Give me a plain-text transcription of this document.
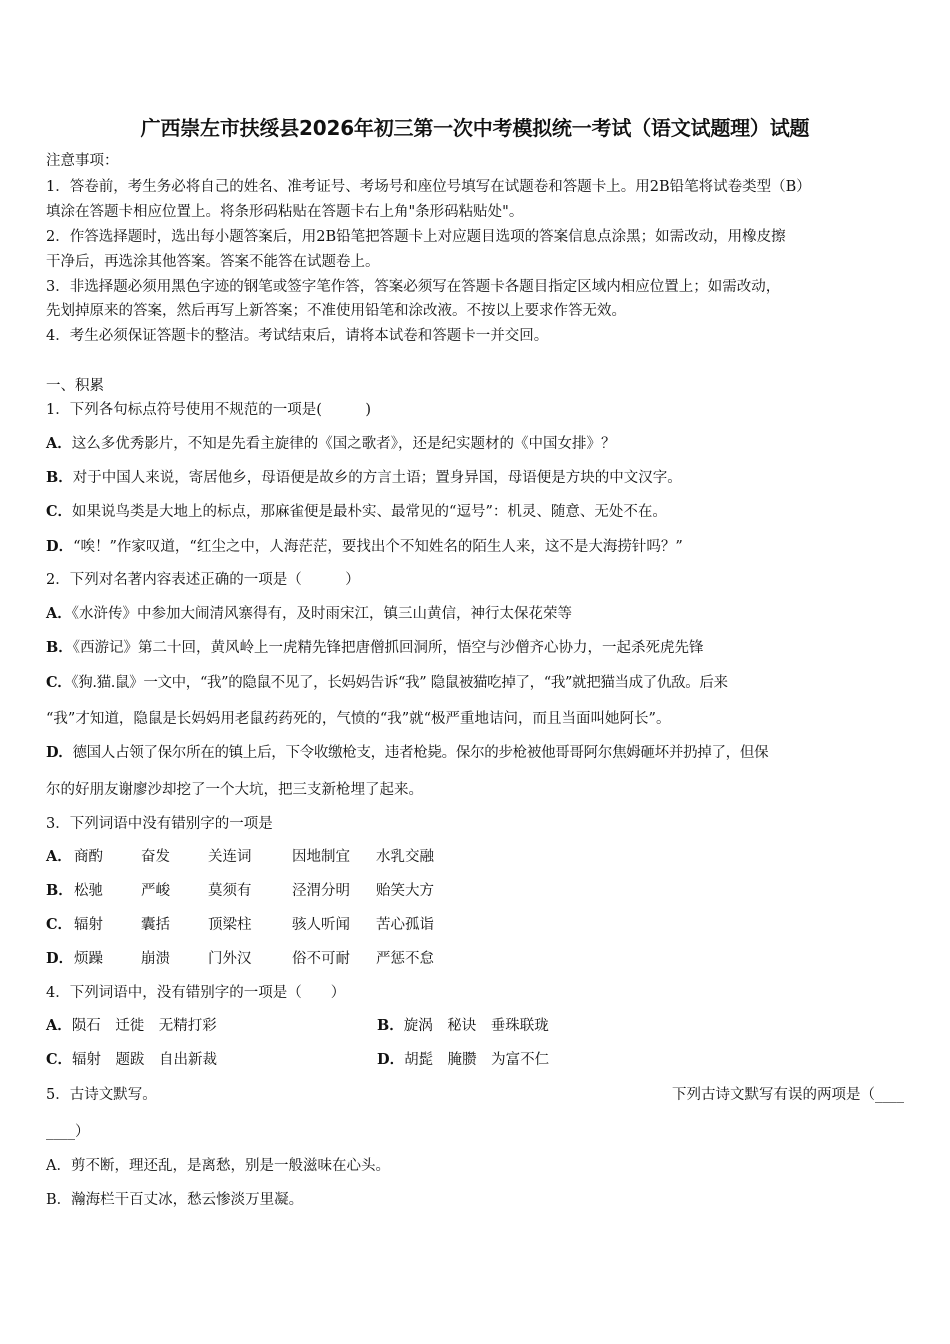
广西崇左市扶绥县2026年初三第一次中考模拟统一考试（语文试题理）试题
注意事项：
1．答卷前，考生务必将自己的姓名、准考证号、考场号和座位号填写在试题卷和答题卡上。用2B铅笔将试卷类型（B）
填涂在答题卡相应位置上。将条形码粘贴在答题卡右上角"条形码粘贴处"。
2．作答选择题时，选出每小题答案后，用2B铅笔把答题卡上对应题目选项的答案信息点涂黑；如需改动，用橡皮擦
干净后，再选涂其他答案。答案不能答在试题卷上。
3．非选择题必须用黑色字迹的钢笔或签字笔作答，答案必须写在答题卡各题目指定区域内相应位置上；如需改动，
先划掉原来的答案，然后再写上新答案；不准使用铅笔和涂改液。不按以上要求作答无效。
4．考生必须保证答题卡的整洁。考试结束后，请将本试卷和答题卡一并交回。
一、积累
1．下列各句标点符号使用不规范的一项是(　　　)
A．这么多优秀影片，不知是先看主旋律的《国之歌者》，还是纪实题材的《中国女排》？
B．对于中国人来说，寄居他乡，母语便是故乡的方言土语；置身异国，母语便是方块的中文汉字。
C．如果说鸟类是大地上的标点，那麻雀便是最朴实、最常见的“逗号”：机灵、随意、无处不在。
D．“唉！”作家叹道，“红尘之中，人海茫茫，要找出个不知姓名的陌生人来，这不是大海捞针吗？”
2．下列对名著内容表述正确的一项是（　　　）
A．《水浒传》中参加大闹清风寨得有，及时雨宋江，镇三山黄信，神行太保花荣等
B．《西游记》第二十回，黄风岭上一虎精先锋把唐僧抓回洞所，悟空与沙僧齐心协力，一起杀死虎先锋
C．《狗.猫.鼠》一文中，“我”的隐鼠不见了，长妈妈告诉“我” 隐鼠被猫吃掉了，“我”就把猫当成了仇敌。后来
“我”才知道，隐鼠是长妈妈用老鼠药药死的，气愤的“我”就“极严重地诘问，而且当面叫她阿长”。
D．德国人占领了保尔所在的镇上后，下令收缴枪支，违者枪毙。保尔的步枪被他哥哥阿尔焦姆砸坏并扔掉了，但保
尔的好朋友谢廖沙却挖了一个大坑，把三支新枪埋了起来。
3．下列词语中没有错别字的一项是
A． 商酌	奋发	关连词	因地制宜 水乳交融
B．松驰	严峻	莫须有	泾渭分明 贻笑大方
C． 辐射	囊括	顶梁柱	骇人听闻 苦心孤诣
D．烦躁	崩溃	门外汉	俗不可耐 严惩不怠
4．下列词语中，没有错别字的一项是（　　）
A．陨石　迁徙　无精打彩	B．旋涡　秘诀　垂珠联珑
C．辐射　题跋　自出新裁	D．胡髭　腌臜　为富不仁
5．古诗文默写。	下列古诗文默写有误的两项是（____
____）
A．剪不断，理还乱，是离愁，别是一般滋味在心头。
B．瀚海栏干百丈冰，愁云惨淡万里凝。
